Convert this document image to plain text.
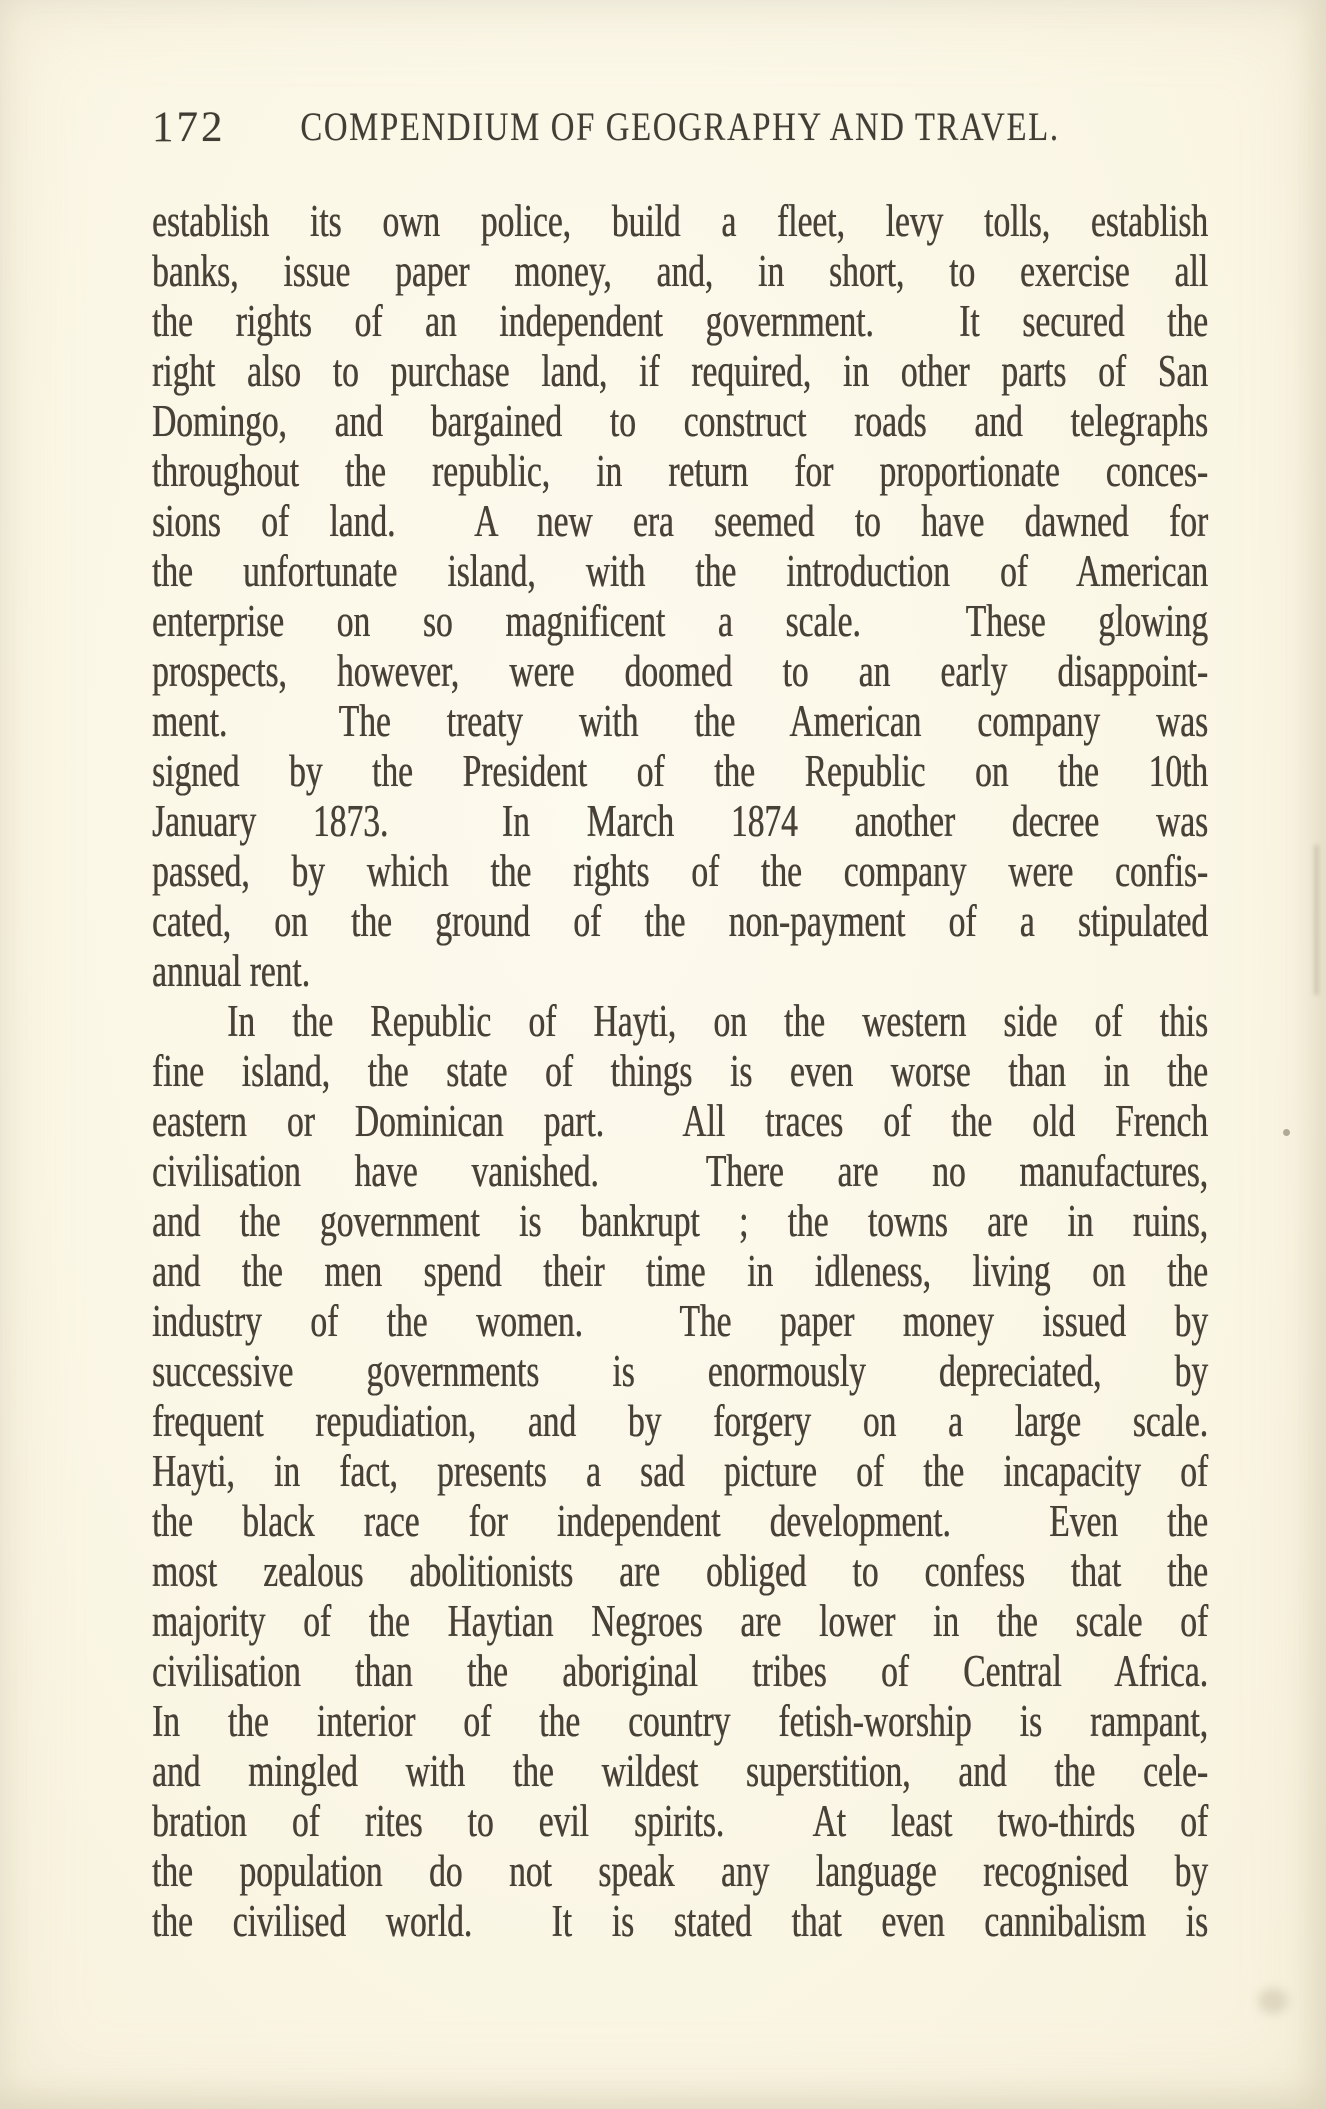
172	COMPENDIUM OF GEOGRAPHY AND TRAVEL.
establish its own police, build a fleet, levy tolls, establish
banks, issue paper money, and, in short, to exercise all
the rights of an independent government.  It secured the
right also to purchase land, if required, in other parts of San
Domingo, and bargained to construct roads and telegraphs
throughout the republic, in return for proportionate conces-
sions of land.  A new era seemed to have dawned for
the unfortunate island, with the introduction of American
enterprise on so magnificent a scale.  These glowing
prospects, however, were doomed to an early disappoint-
ment.  The treaty with the American company was
signed by the President of the Republic on the 10th
January 1873.  In March 1874 another decree was
passed, by which the rights of the company were confis-
cated, on the ground of the non-payment of a stipulated
annual rent.
In the Republic of Hayti, on the western side of this
fine island, the state of things is even worse than in the
eastern or Dominican part.  All traces of the old French
civilisation have vanished.  There are no manufactures,
and the government is bankrupt ; the towns are in ruins,
and the men spend their time in idleness, living on the
industry of the women.  The paper money issued by
successive governments is enormously depreciated, by
frequent repudiation, and by forgery on a large scale.
Hayti, in fact, presents a sad picture of the incapacity of
the black race for independent development.  Even the
most zealous abolitionists are obliged to confess that the
majority of the Haytian Negroes are lower in the scale of
civilisation than the aboriginal tribes of Central Africa.
In the interior of the country fetish-worship is rampant,
and mingled with the wildest superstition, and the cele-
bration of rites to evil spirits.  At least two-thirds of
the population do not speak any language recognised by
the civilised world.  It is stated that even cannibalism is
